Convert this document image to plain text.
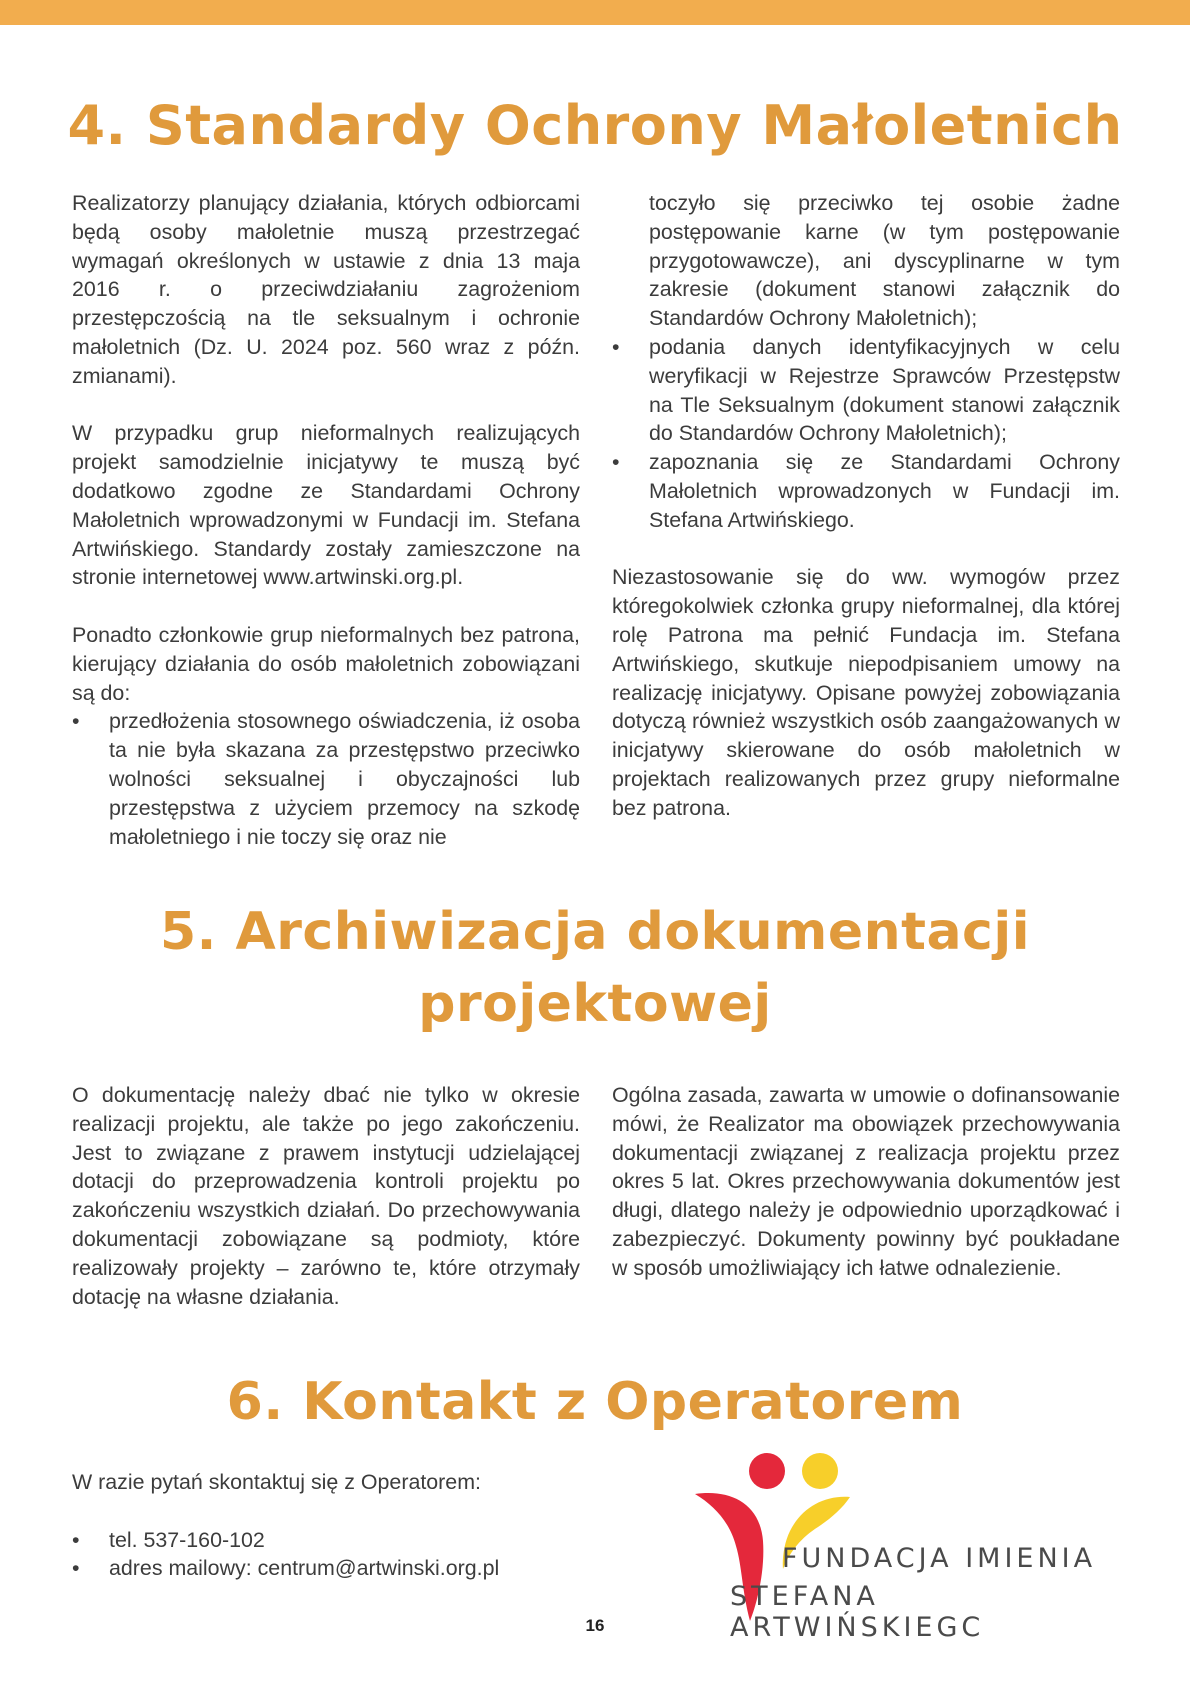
4. Standardy Ochrony Małoletnich

Realizatorzy planujący działania, których odbiorcami będą osoby małoletnie muszą przestrzegać wymagań określonych w ustawie z dnia 13 maja 2016 r. o przeciwdziałaniu zagrożeniom przestępczością na tle seksualnym i ochronie małoletnich (Dz. U. 2024 poz. 560 wraz z późn. zmianami).

W przypadku grup nieformalnych realizujących projekt samodzielnie inicjatywy te muszą być dodatkowo zgodne ze Standardami Ochrony Małoletnich wprowadzonymi w Fundacji im. Stefana Artwińskiego. Standardy zostały zamieszczone na stronie internetowej www.artwinski.org.pl.

Ponadto członkowie grup nieformalnych bez patrona, kierujący działania do osób małoletnich zobowiązani są do:

• przedłożenia stosownego oświadczenia, iż osoba ta nie była skazana za przestępstwo przeciwko wolności seksualnej i obyczajności lub przestępstwa z użyciem przemocy na szkodę małoletniego i nie toczy się oraz nie
toczyło się przeciwko tej osobie żadne postępowanie karne (w tym postępowanie przygotowawcze), ani dyscyplinarne w tym zakresie (dokument stanowi załącznik do Standardów Ochrony Małoletnich);
• podania danych identyfikacyjnych w celu weryfikacji w Rejestrze Sprawców Przestępstw na Tle Seksualnym (dokument stanowi załącznik do Standardów Ochrony Małoletnich);
• zapoznania się ze Standardami Ochrony Małoletnich wprowadzonych w Fundacji im. Stefana Artwińskiego.

Niezastosowanie się do ww. wymogów przez któregokolwiek członka grupy nieformalnej, dla której rolę Patrona ma pełnić Fundacja im. Stefana Artwińskiego, skutkuje niepodpisaniem umowy na realizację inicjatywy. Opisane powyżej zobowiązania dotyczą również wszystkich osób zaangażowanych w inicjatywy skierowane do osób małoletnich w projektach realizowanych przez grupy nieformalne bez patrona.

5. Archiwizacja dokumentacji
projektowej

O dokumentację należy dbać nie tylko w okresie realizacji projektu, ale także po jego zakończeniu. Jest to związane z prawem instytucji udzielającej dotacji do przeprowadzenia kontroli projektu po zakończeniu wszystkich działań. Do przechowywania dokumentacji zobowiązane są podmioty, które realizowały projekty – zarówno te, które otrzymały dotację na własne działania.

Ogólna zasada, zawarta w umowie o dofinansowanie mówi, że Realizator ma obowiązek przechowywania dokumentacji związanej z realizacja projektu przez okres 5 lat. Okres przechowywania dokumentów jest długi, dlatego należy je odpowiednio uporządkować i zabezpieczyć. Dokumenty powinny być poukładane w sposób umożliwiający ich łatwe odnalezienie.

6. Kontakt z Operatorem

W razie pytań skontaktuj się z Operatorem:

• tel. 537-160-102
• adres mailowy: centrum@artwinski.org.pl	FUNDACJA IMIENIA
STEFANA ARTWIŃSKIEGC
16
